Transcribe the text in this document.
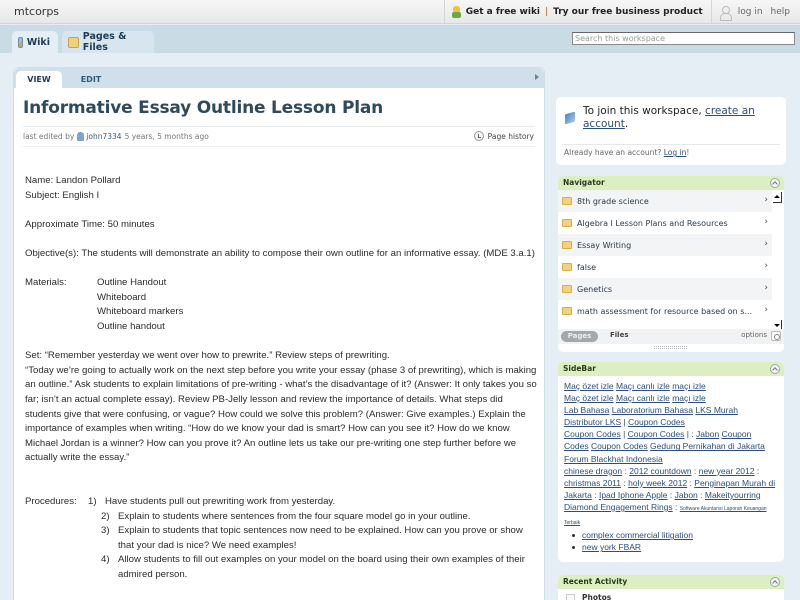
mtcorps	Get a free wiki | Try our free business product	log in help
Wiki	Pages & Files
Search this workspace
VIEW	EDIT
Informative Essay Outline Lesson Plan
last edited by john7334 5 years, 5 months ago	Page history

Name: Landon Pollard

Subject: English I

Approximate Time: 50 minutes

Objective(s): The students will demonstrate an ability to compose their own outline for an informative essay. (MDE 3.a.1)

Materials:	Outline Handout

Whiteboard

Whiteboard markers

Outline handout

Set: “Remember yesterday we went over how to prewrite.” Review steps of prewriting.

“Today we’re going to actually work on the next step before you write your essay (phase 3 of prewriting), which is making an outline.” Ask students to explain limitations of pre-writing - what’s the disadvantage of it? (Answer: It only takes you so far; isn’t an actual complete essay). Review PB-Jelly lesson and review the importance of details. What steps did students give that were confusing, or vague? How could we solve this problem? (Answer: Give examples.) Explain the importance of examples when writing. “How do we know your dad is smart? How can you see it? How do we know Michael Jordan is a winner? How can you prove it? An outline lets us take our pre-writing one step further before we actually write the essay.”

Procedures:	1) Have students pull out prewriting work from yesterday.
2) Explain to students where sentences from the four square model go in your outline.
3) Explain to students that topic sentences now need to be explained. How can you prove or show that your dad is nice? We need examples!
4) Allow students to fill out examples on your model on the board using their own examples of their admired person.
To join this workspace, create an account.
Already have an account? Log in!
Navigator
8th grade science	›
Algebra I Lesson Plans and Resources	›
Essay Writing	›
false	›
Genetics	›
math assessment for resource based on s... ›
Pages	Files	options
SideBar
Maç özet izle Maçı canlı izle maçı izle
Maç özet izle Maçı canlı izle maçı izle
Lab Bahasa Laboratorium Bahasa LKS Murah
Distributor LKS | Coupon Codes
Coupon Codes | Coupon Codes | : Jabon Coupon Codes Coupon Codes Gedung Pernikahan di Jakarta  Forum Blackhat Indonesia
chinese dragon : 2012 countdown : new year 2012 : christmas 2011 : holy week 2012 : Penginapan Murah di Jakarta : Ipad Iphone Apple : Jabon : Makeityourring Diamond Engagement Rings : Software Akuntansi Laporan Keuangan Terbaik
complex commercial litigation
new york FBAR
Recent Activity
Photos
